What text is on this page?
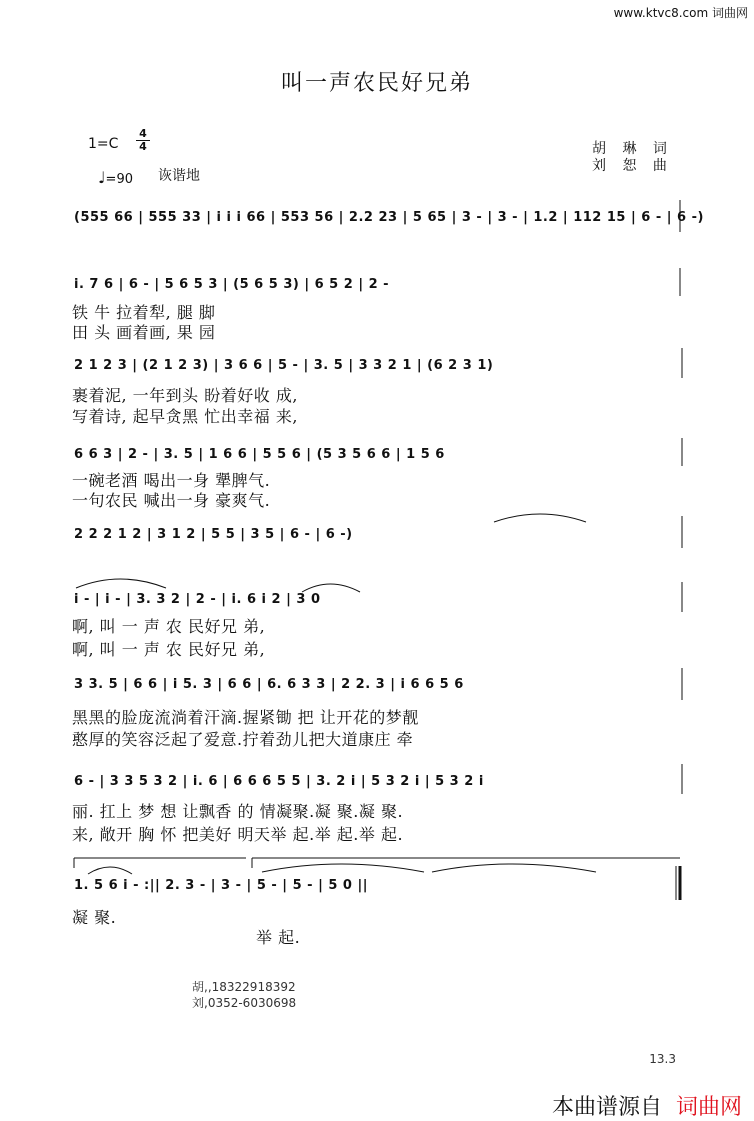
www.ktvc8.com 词曲网
叫一声农民好兄弟
1=C
4
4
♩=90 诙谐地
胡 琳 词
刘 恕 曲
(555 66 | 555 33 | i i i 66 | 553 56 | 2.2 23 | 5 65 | 3 - | 3 - | 1.2 | 112 15 | 6 - | 6 -)
i. 7 6 | 6 - | 5 6 5 3 | (5 6 5 3) | 6 5 2 | 2 -
2 1 2 3 | (2 1 2 3) | 3 6 6 | 5 - | 3. 5 | 3 3 2 1 | (6 2 3 1)
6 6 3 | 2 - | 3. 5 | 1 6 6 | 5 5 6 | (5 3 5 6 6 | 1 5 6
2 2 2 1 2 | 3 1 2 | 5 5 | 3 5 | 6 - | 6 -)
i - | i - | 3. 3 2 | 2 - | i. 6 i 2 | 3 0
3 3. 5 | 6 6 | i 5. 3 | 6 6 | 6. 6 3 3 | 2 2. 3 | i 6 6 5 6
6 - | 3 3 5 3 2 | i. 6 | 6 6 6 5 5 | 3. 2 i | 5 3 2 i | 5 3 2 i
1. 5 6 i - :|| 2. 3 - | 3 - | 5 - | 5 - | 5 0 ||
铁 牛 拉着犁, 腿 脚
田 头 画着画, 果 园
裹着泥, 一年到头 盼着好收 成,
写着诗, 起早贪黑 忙出幸福 来,
一碗老酒 喝出一身 犟脾气.
一句农民 喊出一身 豪爽气.
啊, 叫 一 声 农 民好兄 弟,
啊, 叫 一 声 农 民好兄 弟,
黑黑的脸庞流淌着汗滴.握紧锄 把 让开花的梦靓
憨厚的笑容泛起了爱意.拧着劲儿把大道康庄 牵
丽. 扛上 梦 想 让飘香 的 情凝聚.凝 聚.凝 聚.
来, 敞开 胸 怀 把美好 明天举 起.举 起.举 起.
凝 聚.
举 起.
胡,,18322918392
刘,0352-6030698
13.3
本曲谱源自 词曲网
